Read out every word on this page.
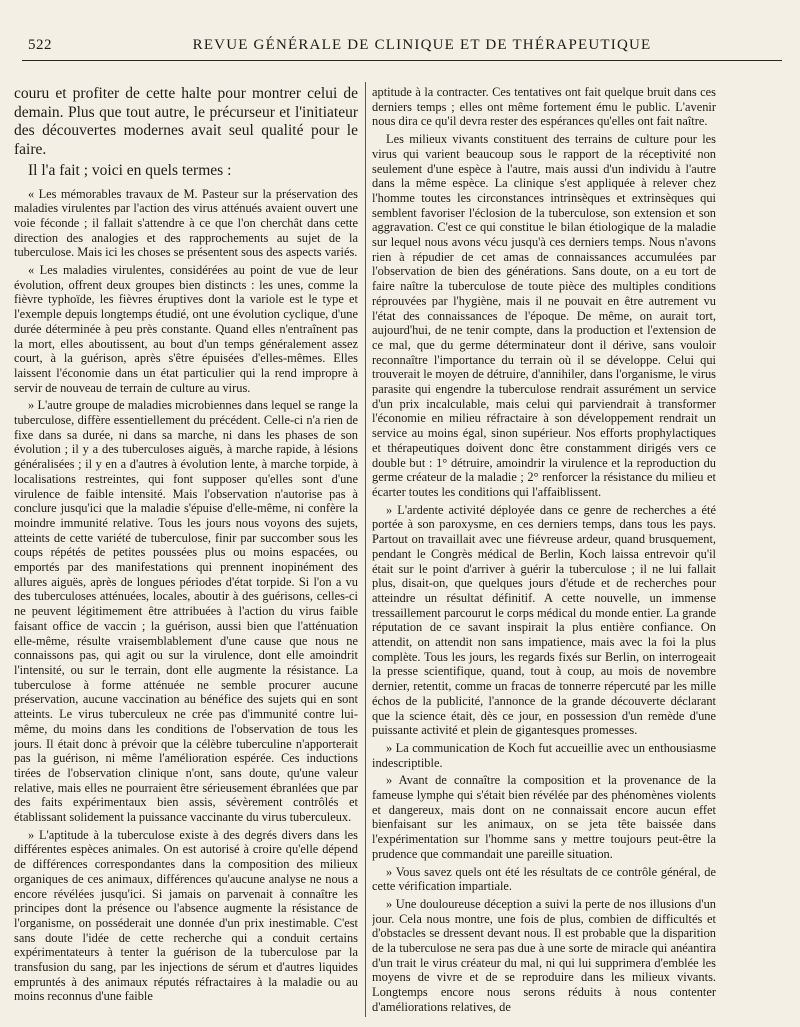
522	REVUE GÉNÉRALE DE CLINIQUE ET DE THÉRAPEUTIQUE

couru et profiter de cette halte pour montrer celui de demain. Plus que tout autre, le précurseur et l'initiateur des découvertes modernes avait seul qualité pour le faire.

Il l'a fait ; voici en quels termes :

« Les mémorables travaux de M. Pasteur sur la préservation des maladies virulentes par l'action des virus atténués avaient ouvert une voie féconde ; il fallait s'attendre à ce que l'on cherchât dans cette direction des analogies et des rapprochements au sujet de la tuberculose. Mais ici les choses se présentent sous des aspects variés.

« Les maladies virulentes, considérées au point de vue de leur évolution, offrent deux groupes bien distincts : les unes, comme la fièvre typhoïde, les fièvres éruptives dont la variole est le type et l'exemple depuis longtemps étudié, ont une évolution cyclique, d'une durée déterminée à peu près constante. Quand elles n'entraînent pas la mort, elles aboutissent, au bout d'un temps généralement assez court, à la guérison, après s'être épuisées d'elles-mêmes. Elles laissent l'économie dans un état particulier qui la rend impropre à servir de nouveau de terrain de culture au virus.

» L'autre groupe de maladies microbiennes dans lequel se range la tuberculose, diffère essentiellement du précédent. Celle-ci n'a rien de fixe dans sa durée, ni dans sa marche, ni dans les phases de son évolution ; il y a des tuberculoses aiguës, à marche rapide, à lésions généralisées ; il y en a d'autres à évolution lente, à marche torpide, à localisations restreintes, qui font supposer qu'elles sont d'une virulence de faible intensité. Mais l'observation n'autorise pas à conclure jusqu'ici que la maladie s'épuise d'elle-même, ni confère la moindre immunité relative. Tous les jours nous voyons des sujets, atteints de cette variété de tuberculose, finir par succomber sous les coups répétés de petites poussées plus ou moins espacées, ou emportés par des manifestations qui prennent inopinément des allures aiguës, après de longues périodes d'état torpide. Si l'on a vu des tuberculoses atténuées, locales, aboutir à des guérisons, celles-ci ne peuvent légitimement être attribuées à l'action du virus faible faisant office de vaccin ; la guérison, aussi bien que l'atténuation elle-même, résulte vraisemblablement d'une cause que nous ne connaissons pas, qui agit ou sur la virulence, dont elle amoindrit l'intensité, ou sur le terrain, dont elle augmente la résistance. La tuberculose à forme atténuée ne semble procurer aucune préservation, aucune vaccination au bénéfice des sujets qui en sont atteints. Le virus tuberculeux ne crée pas d'immunité contre lui-même, du moins dans les conditions de l'observation de tous les jours. Il était donc à prévoir que la célèbre tuberculine n'apporterait pas la guérison, ni même l'amélioration espérée. Ces inductions tirées de l'observation clinique n'ont, sans doute, qu'une valeur relative, mais elles ne pourraient être sérieusement ébranlées que par des faits expérimentaux bien assis, sévèrement contrôlés et établissant solidement la puissance vaccinante du virus tuberculeux.

» L'aptitude à la tuberculose existe à des degrés divers dans les différentes espèces animales. On est autorisé à croire qu'elle dépend de différences correspondantes dans la composition des milieux organiques de ces animaux, différences qu'aucune analyse ne nous a encore révélées jusqu'ici. Si jamais on parvenait à connaître les principes dont la présence ou l'absence augmente la résistance de l'organisme, on posséderait une donnée d'un prix inestimable. C'est sans doute l'idée de cette recherche qui a conduit certains expérimentateurs à tenter la guérison de la tuberculose par la transfusion du sang, par les injections de sérum et d'autres liquides empruntés à des animaux réputés réfractaires à la maladie ou au moins reconnus d'une faible

aptitude à la contracter. Ces tentatives ont fait quelque bruit dans ces derniers temps ; elles ont même fortement ému le public. L'avenir nous dira ce qu'il devra rester des espérances qu'elles ont fait naître.

Les milieux vivants constituent des terrains de culture pour les virus qui varient beaucoup sous le rapport de la réceptivité non seulement d'une espèce à l'autre, mais aussi d'un individu à l'autre dans la même espèce. La clinique s'est appliquée à relever chez l'homme toutes les circonstances intrinsèques et extrinsèques qui semblent favoriser l'éclosion de la tuberculose, son extension et son aggravation. C'est ce qui constitue le bilan étiologique de la maladie sur lequel nous avons vécu jusqu'à ces derniers temps. Nous n'avons rien à répudier de cet amas de connaissances accumulées par l'observation de bien des générations. Sans doute, on a eu tort de faire naître la tuberculose de toute pièce des multiples conditions réprouvées par l'hygiène, mais il ne pouvait en être autrement vu l'état des connaissances de l'époque. De même, on aurait tort, aujourd'hui, de ne tenir compte, dans la production et l'extension de ce mal, que du germe déterminateur dont il dérive, sans vouloir reconnaître l'importance du terrain où il se développe. Celui qui trouverait le moyen de détruire, d'annihiler, dans l'organisme, le virus parasite qui engendre la tuberculose rendrait assurément un service d'un prix incalculable, mais celui qui parviendrait à transformer l'économie en milieu réfractaire à son développement rendrait un service au moins égal, sinon supérieur. Nos efforts prophylactiques et thérapeutiques doivent donc être constamment dirigés vers ce double but : 1° détruire, amoindrir la virulence et la reproduction du germe créateur de la maladie ; 2° renforcer la résistance du milieu et écarter toutes les conditions qui l'affaiblissent.

» L'ardente activité déployée dans ce genre de recherches a été portée à son paroxysme, en ces derniers temps, dans tous les pays. Partout on travaillait avec une fiévreuse ardeur, quand brusquement, pendant le Congrès médical de Berlin, Koch laissa entrevoir qu'il était sur le point d'arriver à guérir la tuberculose ; il ne lui fallait plus, disait-on, que quelques jours d'étude et de recherches pour atteindre un résultat définitif. A cette nouvelle, un immense tressaillement parcourut le corps médical du monde entier. La grande réputation de ce savant inspirait la plus entière confiance. On attendit, on attendit non sans impatience, mais avec la foi la plus complète. Tous les jours, les regards fixés sur Berlin, on interrogeait la presse scientifique, quand, tout à coup, au mois de novembre dernier, retentit, comme un fracas de tonnerre répercuté par les mille échos de la publicité, l'annonce de la grande découverte déclarant que la science était, dès ce jour, en possession d'un remède d'une puissante activité et plein de gigantesques promesses.

» La communication de Koch fut accueillie avec un enthousiasme indescriptible.

» Avant de connaître la composition et la provenance de la fameuse lymphe qui s'était bien révélée par des phénomènes violents et dangereux, mais dont on ne connaissait encore aucun effet bienfaisant sur les animaux, on se jeta tête baissée dans l'expérimentation sur l'homme sans y mettre toujours peut-être la prudence que commandait une pareille situation.

» Vous savez quels ont été les résultats de ce contrôle général, de cette vérification impartiale.

» Une douloureuse déception a suivi la perte de nos illusions d'un jour. Cela nous montre, une fois de plus, combien de difficultés et d'obstacles se dressent devant nous. Il est probable que la disparition de la tuberculose ne sera pas due à une sorte de miracle qui anéantira d'un trait le virus créateur du mal, ni qui lui supprimera d'emblée les moyens de vivre et de se reproduire dans les milieux vivants. Longtemps encore nous serons réduits à nous contenter d'améliorations relatives, de
